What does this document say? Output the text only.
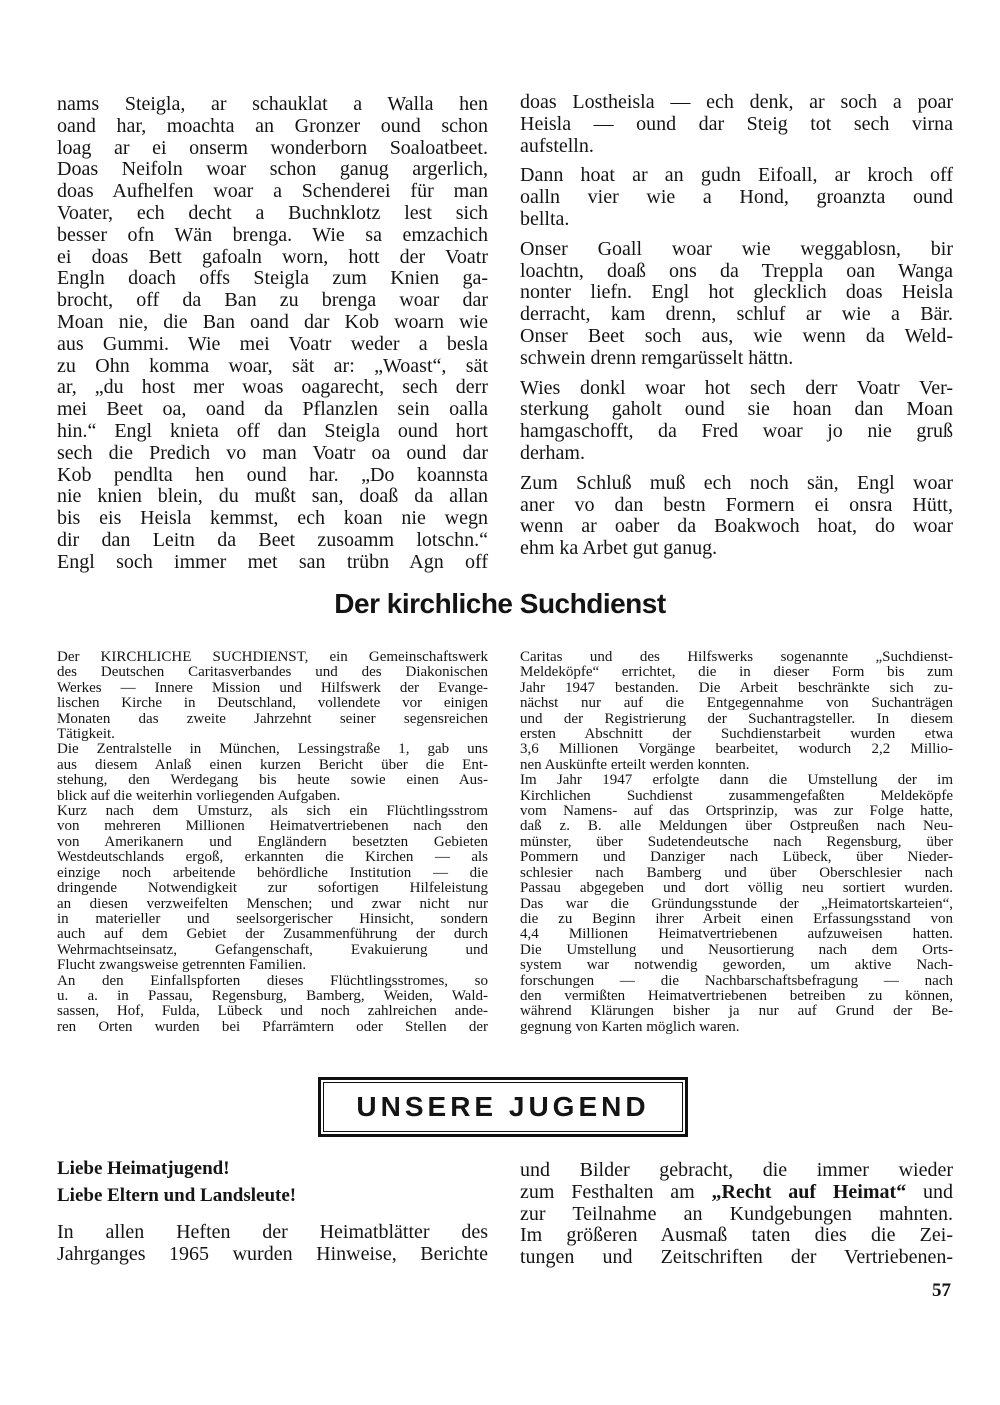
nams Steigla, ar schauklat a Walla hen
oand har, moachta an Gronzer ound schon
loag ar ei onserm wonderborn Soaloatbeet.
Doas Neifoln woar schon ganug argerlich,
doas Aufhelfen woar a Schenderei für man
Voater, ech decht a Buchnklotz lest sich
besser ofn Wän brenga. Wie sa emzachich
ei doas Bett gafoaln worn, hott der Voatr
Engln doach offs Steigla zum Knien ga-
brocht, off da Ban zu brenga woar dar
Moan nie, die Ban oand dar Kob woarn wie
aus Gummi. Wie mei Voatr weder a besla
zu Ohn komma woar, sät ar: „Woast“, sät
ar, „du host mer woas oagarecht, sech derr
mei Beet oa, oand da Pflanzlen sein oalla
hin.“ Engl knieta off dan Steigla ound hort
sech die Predich vo man Voatr oa ound dar
Kob pendlta hen ound har. „Do koannsta
nie knien blein, du mußt san, doaß da allan
bis eis Heisla kemmst, ech koan nie wegn
dir dan Leitn da Beet zusoamm lotschn.“
Engl soch immer met san trübn Agn off
doas Lostheisla — ech denk, ar soch a poar
Heisla — ound dar Steig tot sech virna
aufstelln.
Dann hoat ar an gudn Eifoall, ar kroch off
oalln vier wie a Hond, groanzta ound
bellta.
Onser Goall woar wie weggablosn, bir
loachtn, doaß ons da Treppla oan Wanga
nonter liefn. Engl hot glecklich doas Heisla
derracht, kam drenn, schluf ar wie a Bär.
Onser Beet soch aus, wie wenn da Weld-
schwein drenn remgarüsselt hättn.
Wies donkl woar hot sech derr Voatr Ver-
sterkung gaholt ound sie hoan dan Moan
hamgaschofft, da Fred woar jo nie gruß
derham.
Zum Schluß muß ech noch sän, Engl woar
aner vo dan bestn Formern ei onsra Hütt,
wenn ar oaber da Boakwoch hoat, do woar
ehm ka Arbet gut ganug.
Der kirchliche Suchdienst
Der KIRCHLICHE SUCHDIENST, ein Gemeinschaftswerk
des Deutschen Caritasverbandes und des Diakonischen
Werkes — Innere Mission und Hilfswerk der Evange-
lischen Kirche in Deutschland, vollendete vor einigen
Monaten das zweite Jahrzehnt seiner segensreichen
Tätigkeit.
Die Zentralstelle in München, Lessingstraße 1, gab uns
aus diesem Anlaß einen kurzen Bericht über die Ent-
stehung, den Werdegang bis heute sowie einen Aus-
blick auf die weiterhin vorliegenden Aufgaben.
Kurz nach dem Umsturz, als sich ein Flüchtlingsstrom
von mehreren Millionen Heimatvertriebenen nach den
von Amerikanern und Engländern besetzten Gebieten
Westdeutschlands ergoß, erkannten die Kirchen — als
einzige noch arbeitende behördliche Institution — die
dringende Notwendigkeit zur sofortigen Hilfeleistung
an diesen verzweifelten Menschen; und zwar nicht nur
in materieller und seelsorgerischer Hinsicht, sondern
auch auf dem Gebiet der Zusammenführung der durch
Wehrmachtseinsatz, Gefangenschaft, Evakuierung und
Flucht zwangsweise getrennten Familien.
An den Einfallspforten dieses Flüchtlingsstromes, so
u. a. in Passau, Regensburg, Bamberg, Weiden, Wald-
sassen, Hof, Fulda, Lübeck und noch zahlreichen ande-
ren Orten wurden bei Pfarrämtern oder Stellen der
Caritas und des Hilfswerks sogenannte „Suchdienst-
Meldeköpfe“ errichtet, die in dieser Form bis zum
Jahr 1947 bestanden. Die Arbeit beschränkte sich zu-
nächst nur auf die Entgegennahme von Suchanträgen
und der Registrierung der Suchantragsteller. In diesem
ersten Abschnitt der Suchdienstarbeit wurden etwa
3,6 Millionen Vorgänge bearbeitet, wodurch 2,2 Millio-
nen Auskünfte erteilt werden konnten.
Im Jahr 1947 erfolgte dann die Umstellung der im
Kirchlichen Suchdienst zusammengefaßten Meldeköpfe
vom Namens- auf das Ortsprinzip, was zur Folge hatte,
daß z. B. alle Meldungen über Ostpreußen nach Neu-
münster, über Sudetendeutsche nach Regensburg, über
Pommern und Danziger nach Lübeck, über Nieder-
schlesier nach Bamberg und über Oberschlesier nach
Passau abgegeben und dort völlig neu sortiert wurden.
Das war die Gründungsstunde der „Heimatortskarteien“,
die zu Beginn ihrer Arbeit einen Erfassungsstand von
4,4 Millionen Heimatvertriebenen aufzuweisen hatten.
Die Umstellung und Neusortierung nach dem Orts-
system war notwendig geworden, um aktive Nach-
forschungen — die Nachbarschaftsbefragung — nach
den vermißten Heimatvertriebenen betreiben zu können,
während Klärungen bisher ja nur auf Grund der Be-
gegnung von Karten möglich waren.
UNSERE JUGEND
Liebe Heimatjugend!
Liebe Eltern und Landsleute!
In allen Heften der Heimatblätter des
Jahrganges 1965 wurden Hinweise, Berichte
und Bilder gebracht, die immer wieder
zum Festhalten am „Recht auf Heimat“ und
zur Teilnahme an Kundgebungen mahnten.
Im größeren Ausmaß taten dies die Zei-
tungen und Zeitschriften der Vertriebenen-
57
